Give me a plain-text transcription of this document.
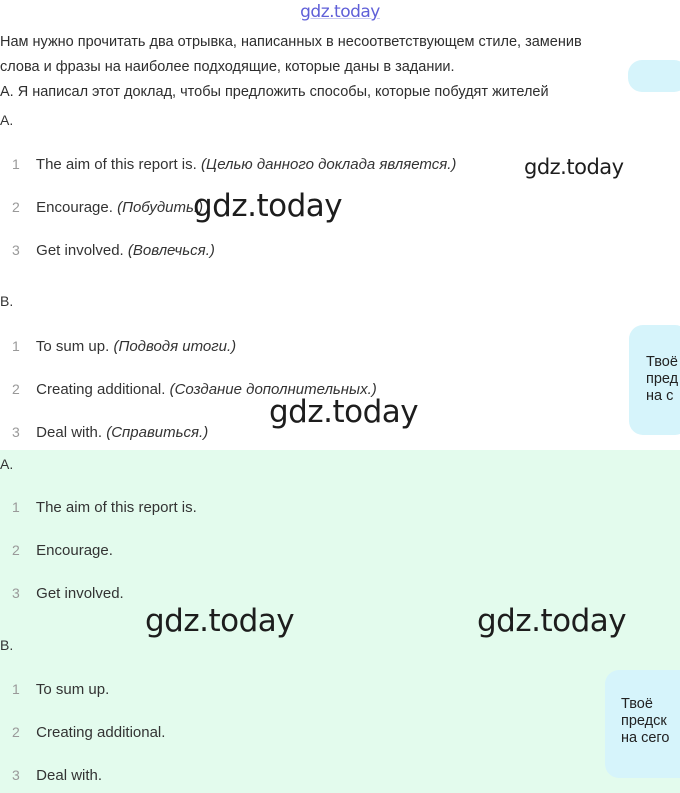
gdz.today

Нам нужно прочитать два отрывка, написанных в несоответствующем стиле, заменив

слова и фразы на наиболее подходящие, которые даны в задании.

A. Я написал этот доклад, чтобы предложить способы, которые побудят жителей

A.
1 The aim of this report is. (Целью данного доклада является.)
2 Encourage. (Побудить.)
3 Get involved. (Вовлечься.)
B.
1 To sum up. (Подводя итоги.)
2 Creating additional. (Создание дополнительных.)
3 Deal with. (Справиться.)
Твоё
пред
на с
A.
1 The aim of this report is.
2 Encourage.
3 Get involved.
B.
1 To sum up.
2 Creating additional.
3 Deal with.
Твоё
предск
на сего
gdz.today
gdz.today
gdz.today
gdz.today	gdz.today
